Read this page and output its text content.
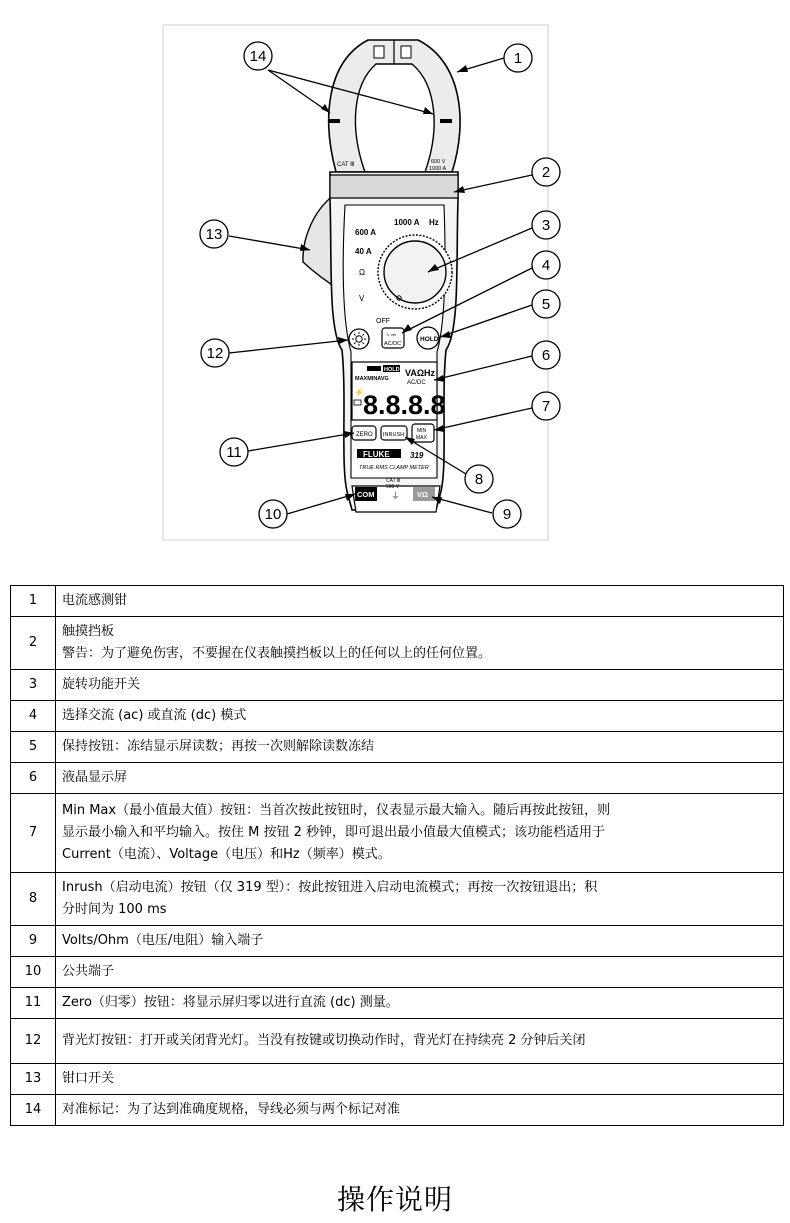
CAT Ⅲ	600 V
1000 A
1000 A Hz
600 A
40 A
OFF
Ω
V
~ ⎓
AC/DC
HOLD
HOLD
MAXMINAVG
VAΩHz
AC/DC
⚡ 8.8.8.8
ZERO INRUSH
MIN
MAX
FLUKE	319
TRUE RMS CLAMP METER
COM	VΩ
CAT Ⅲ
600 V
⏚
1
2
3
4
5
6
7
8
9
10
11
12
13
14
1	电流感测钳

2	触摸挡板
警告：为了避免伤害，不要握在仪表触摸挡板以上的任何以上的任何位置。

3	旋转功能开关

4	选择交流 (ac) 或直流 (dc) 模式

5	保持按钮：冻结显示屏读数；再按一次则解除读数冻结

6	液晶显示屏

7	Min Max（最小值最大值）按钮：当首次按此按钮时，仪表显示最大输入。随后再按此按钮，则
显示最小输入和平均输入。按住 M 按钮 2 秒钟，即可退出最小值最大值模式；该功能档适用于
Current（电流）、Voltage（电压）和Hz（频率）模式。

8	Inrush（启动电流）按钮（仅 319 型）：按此按钮进入启动电流模式；再按一次按钮退出；积
分时间为 100 ms

9	Volts/Ohm（电压/电阻）输入端子

10	公共端子

11	Zero（归零）按钮：将显示屏归零以进行直流 (dc) 测量。

12	背光灯按钮：打开或关闭背光灯。当没有按键或切换动作时，背光灯在持续亮 2 分钟后关闭

13	钳口开关

14	对准标记：为了达到准确度规格，导线必须与两个标记对准
操作说明
